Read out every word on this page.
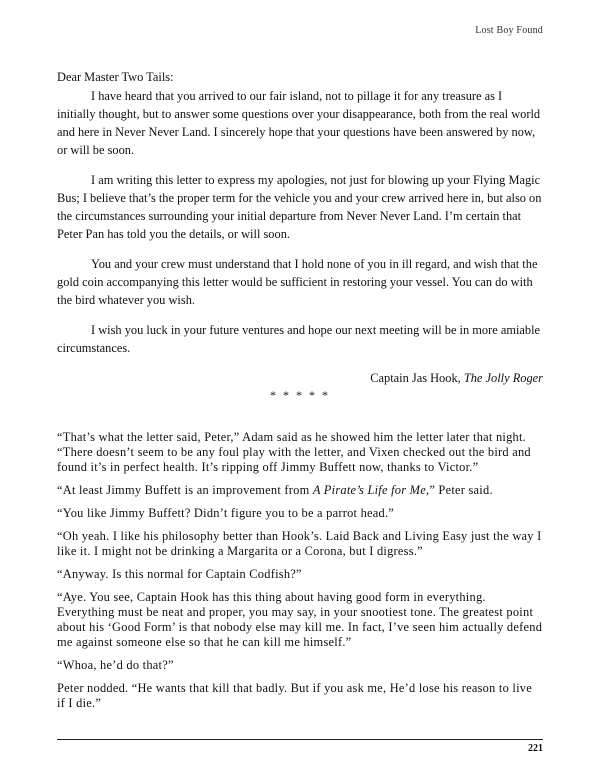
Lost Boy Found

Dear Master Two Tails:

I have heard that you arrived to our fair island, not to pillage it for any treasure as I initially thought, but to answer some questions over your disappearance, both from the real world and here in Never Never Land. I sincerely hope that your questions have been answered by now, or will be soon.

I am writing this letter to express my apologies, not just for blowing up your Flying Magic Bus; I believe that’s the proper term for the vehicle you and your crew arrived here in, but also on the circumstances surrounding your initial departure from Never Never Land. I’m certain that Peter Pan has told you the details, or will soon.

You and your crew must understand that I hold none of you in ill regard, and wish that the gold coin accompanying this letter would be sufficient in restoring your vessel. You can do with the bird whatever you wish.

I wish you luck in your future ventures and hope our next meeting will be in more amiable circumstances.

Captain Jas Hook, The Jolly Roger

* * * * *

“That’s what the letter said, Peter,” Adam said as he showed him the letter later that night. “There doesn’t seem to be any foul play with the letter, and Vixen checked out the bird and found it’s in perfect health. It’s ripping off Jimmy Buffett now, thanks to Victor.”

“At least Jimmy Buffett is an improvement from A Pirate’s Life for Me,” Peter said.

“You like Jimmy Buffett? Didn’t figure you to be a parrot head.”

“Oh yeah. I like his philosophy better than Hook’s. Laid Back and Living Easy just the way I like it. I might not be drinking a Margarita or a Corona, but I digress.”

“Anyway. Is this normal for Captain Codfish?”

“Aye. You see, Captain Hook has this thing about having good form in everything. Everything must be neat and proper, you may say, in your snootiest tone. The greatest point about his ‘Good Form’ is that nobody else may kill me. In fact, I’ve seen him actually defend me against someone else so that he can kill me himself.”

“Whoa, he’d do that?”

Peter nodded. “He wants that kill that badly. But if you ask me, He’d lose his reason to live if I die.”

221
